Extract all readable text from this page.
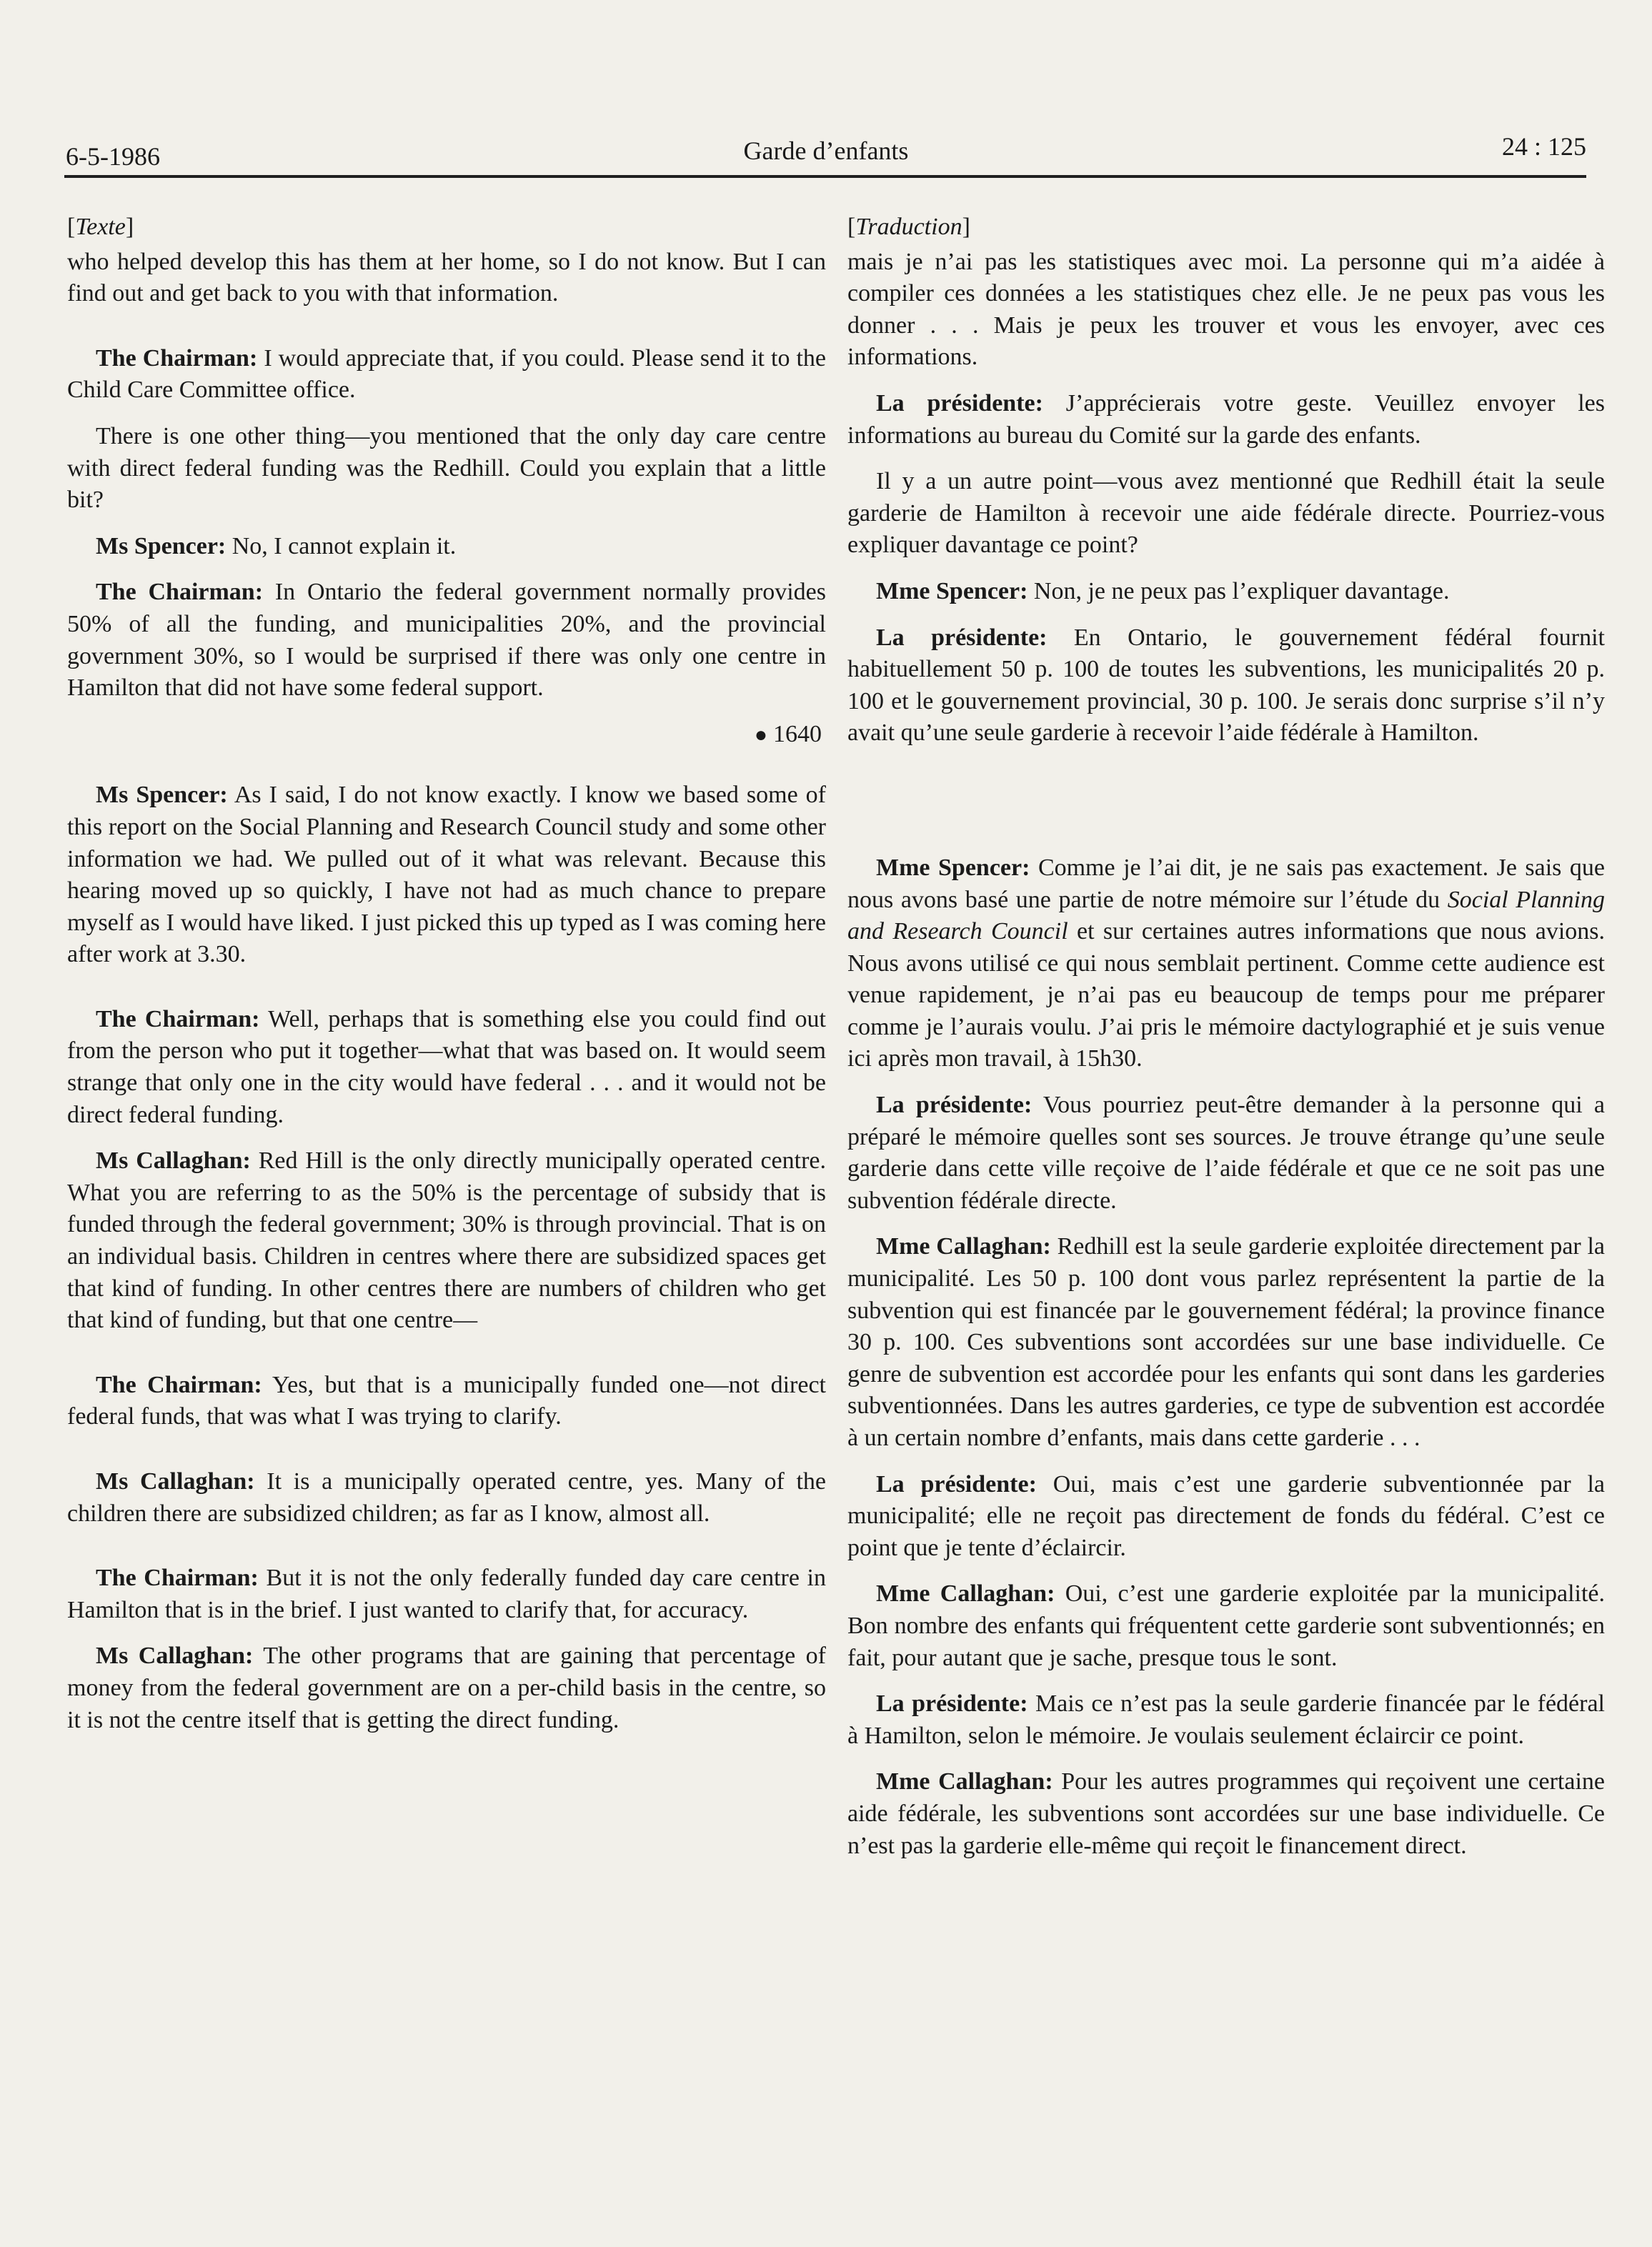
6-5-1986	Garde d’enfants	24 : 125
[Texte]

who helped develop this has them at her home, so I do not know. But I can find out and get back to you with that information.

The Chairman: I would appreciate that, if you could. Please send it to the Child Care Committee office.

There is one other thing—you mentioned that the only day care centre with direct federal funding was the Redhill. Could you explain that a little bit?

Ms Spencer: No, I cannot explain it.

The Chairman: In Ontario the federal government normally provides 50% of all the funding, and municipalities 20%, and the provincial government 30%, so I would be surprised if there was only one centre in Hamilton that did not have some federal support.

● 1640

Ms Spencer: As I said, I do not know exactly. I know we based some of this report on the Social Planning and Research Council study and some other information we had. We pulled out of it what was relevant. Because this hearing moved up so quickly, I have not had as much chance to prepare myself as I would have liked. I just picked this up typed as I was coming here after work at 3.30.

The Chairman: Well, perhaps that is something else you could find out from the person who put it together—what that was based on. It would seem strange that only one in the city would have federal . . . and it would not be direct federal funding.

Ms Callaghan: Red Hill is the only directly municipally operated centre. What you are referring to as the 50% is the percentage of subsidy that is funded through the federal government; 30% is through provincial. That is on an individual basis. Children in centres where there are subsidized spaces get that kind of funding. In other centres there are numbers of children who get that kind of funding, but that one centre—

The Chairman: Yes, but that is a municipally funded one—not direct federal funds, that was what I was trying to clarify.

Ms Callaghan: It is a municipally operated centre, yes. Many of the children there are subsidized children; as far as I know, almost all.

The Chairman: But it is not the only federally funded day care centre in Hamilton that is in the brief. I just wanted to clarify that, for accuracy.

Ms Callaghan: The other programs that are gaining that percentage of money from the federal government are on a per-child basis in the centre, so it is not the centre itself that is getting the direct funding.

[Traduction]

mais je n’ai pas les statistiques avec moi. La personne qui m’a aidée à compiler ces données a les statistiques chez elle. Je ne peux pas vous les donner . . . Mais je peux les trouver et vous les envoyer, avec ces informations.

La présidente: J’apprécierais votre geste. Veuillez envoyer les informations au bureau du Comité sur la garde des enfants.

Il y a un autre point—vous avez mentionné que Redhill était la seule garderie de Hamilton à recevoir une aide fédérale directe. Pourriez-vous expliquer davantage ce point?

Mme Spencer: Non, je ne peux pas l’expliquer davantage.

La présidente: En Ontario, le gouvernement fédéral fournit habituellement 50 p. 100 de toutes les subventions, les municipalités 20 p. 100 et le gouvernement provincial, 30 p. 100. Je serais donc surprise s’il n’y avait qu’une seule garderie à recevoir l’aide fédérale à Hamilton.

Mme Spencer: Comme je l’ai dit, je ne sais pas exactement. Je sais que nous avons basé une partie de notre mémoire sur l’étude du Social Planning and Research Council et sur certaines autres informations que nous avions. Nous avons utilisé ce qui nous semblait pertinent. Comme cette audience est venue rapidement, je n’ai pas eu beaucoup de temps pour me préparer comme je l’aurais voulu. J’ai pris le mémoire dactylographié et je suis venue ici après mon travail, à 15h30.

La présidente: Vous pourriez peut-être demander à la personne qui a préparé le mémoire quelles sont ses sources. Je trouve étrange qu’une seule garderie dans cette ville reçoive de l’aide fédérale et que ce ne soit pas une subvention fédérale directe.

Mme Callaghan: Redhill est la seule garderie exploitée directement par la municipalité. Les 50 p. 100 dont vous parlez représentent la partie de la subvention qui est financée par le gouvernement fédéral; la province finance 30 p. 100. Ces subventions sont accordées sur une base individuelle. Ce genre de subvention est accordée pour les enfants qui sont dans les garderies subventionnées. Dans les autres garderies, ce type de subvention est accordée à un certain nombre d’enfants, mais dans cette garderie . . .

La présidente: Oui, mais c’est une garderie subventionnée par la municipalité; elle ne reçoit pas directement de fonds du fédéral. C’est ce point que je tente d’éclaircir.

Mme Callaghan: Oui, c’est une garderie exploitée par la municipalité. Bon nombre des enfants qui fréquentent cette garderie sont subventionnés; en fait, pour autant que je sache, presque tous le sont.

La présidente: Mais ce n’est pas la seule garderie financée par le fédéral à Hamilton, selon le mémoire. Je voulais seulement éclaircir ce point.

Mme Callaghan: Pour les autres programmes qui reçoivent une certaine aide fédérale, les subventions sont accordées sur une base individuelle. Ce n’est pas la garderie elle-même qui reçoit le financement direct.
